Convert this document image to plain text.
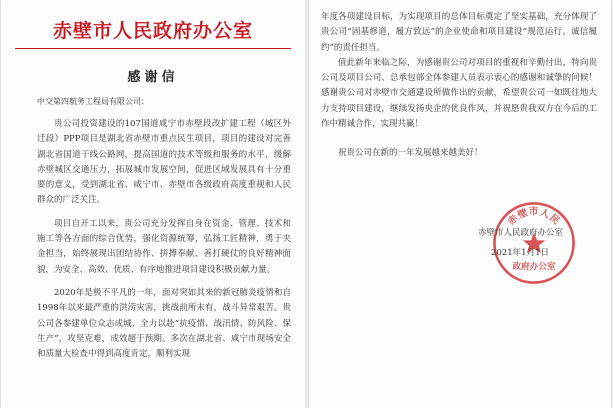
赤壁市人民政府办公室
感谢信
中交第四航务工程局有限公司：

贵公司投资建设的107国道咸宁市赤壁段改扩建工程（城区外迁段）PPP项目是湖北省赤壁市重点民生项目，项目的建设对完善湖北省国道干线公路网，提高国道的技术等级和服务的水平，缓解赤壁城区交通压力，拓展城市发展空间，促进区域发展具有十分重要的意义，受到湖北省、咸宁市、赤壁市各级政府高度重视和人民群众的广泛关注。

项目自开工以来，贵公司充分发挥自身在资金、管理、技术和施工等各方面的综合优势，强化资源统筹，弘扬工匠精神，勇于夹金担当，始终展现出团结协作、拼搏奉献、善打硬仗的良好精神面貌，为安全、高效、优质、有序地推进项目建设积极贡献力量。

2020年是极不平凡的一年，面对突如其来的新冠肺炎疫情和自1998年以来最严重的洪涝灾害，挑战前所未有，战斗异常艰苦。贵公司各参建单位众志成城、全力以赴“抗疫情、战汛情、防风险、保生产”，攻坚克难，成效超于预期。多次在湖北省、咸宁市现场安全和质量大检查中得到高度肯定，顺利实现

年度各项建设目标，为实现项目的总体目标奠定了坚实基础，充分体现了贵公司“固基修道，履方致远”的企业使命和项目建设“规范运行、诚信履约”的责任担当。

值此新年来临之际，为感谢贵公司对项目的重视和辛勤付出，特向贵公司及项目公司、总承包部全体参建人员表示衷心的感谢和诚挚的问候！感谢贵公司对赤壁市交通建设所做作出的贡献，希望贵公司一如既往地大力支持项目建设，继续发扬央企的优良作风，并祝愿贵我双方在今后的工作中精诚合作，实现共赢！

祝贵公司在新的一年发展越来越美好！

赤壁市人民
政府办公室
赤壁市人民政府办公室
2021年1月1日
